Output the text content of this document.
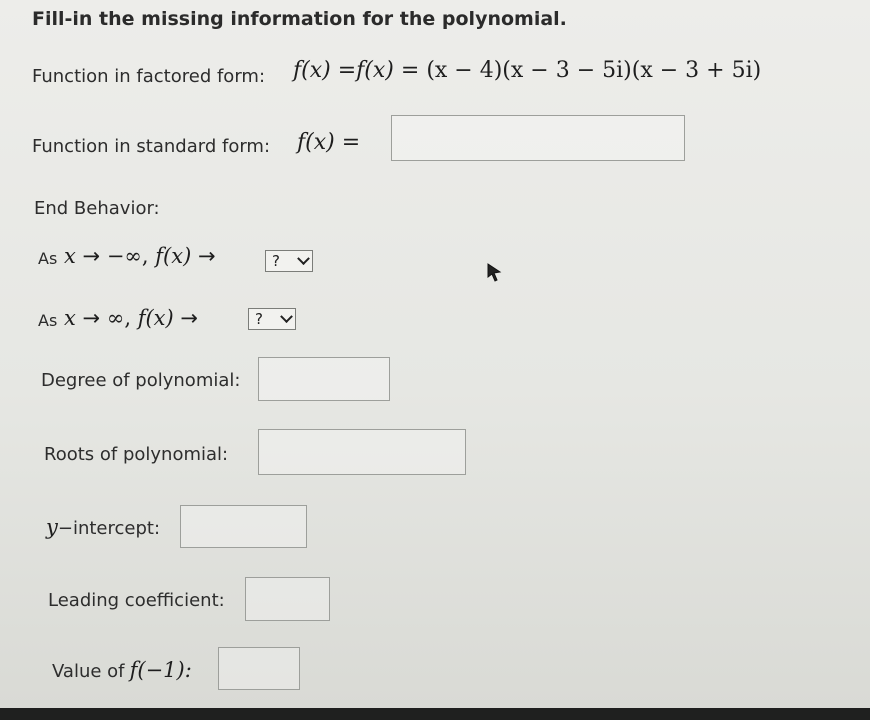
Fill-in the missing information for the polynomial.
Function in factored form: f(x) =f(x) = (x − 4)(x − 3 − 5i)(x − 3 + 5i)
Function in standard form: f(x) =
End Behavior:
As x → −∞, f(x) →	?
As x → ∞, f(x) →	?
Degree of polynomial:
Roots of polynomial:
y−intercept:
Leading coefficient:
Value of f(−1):
